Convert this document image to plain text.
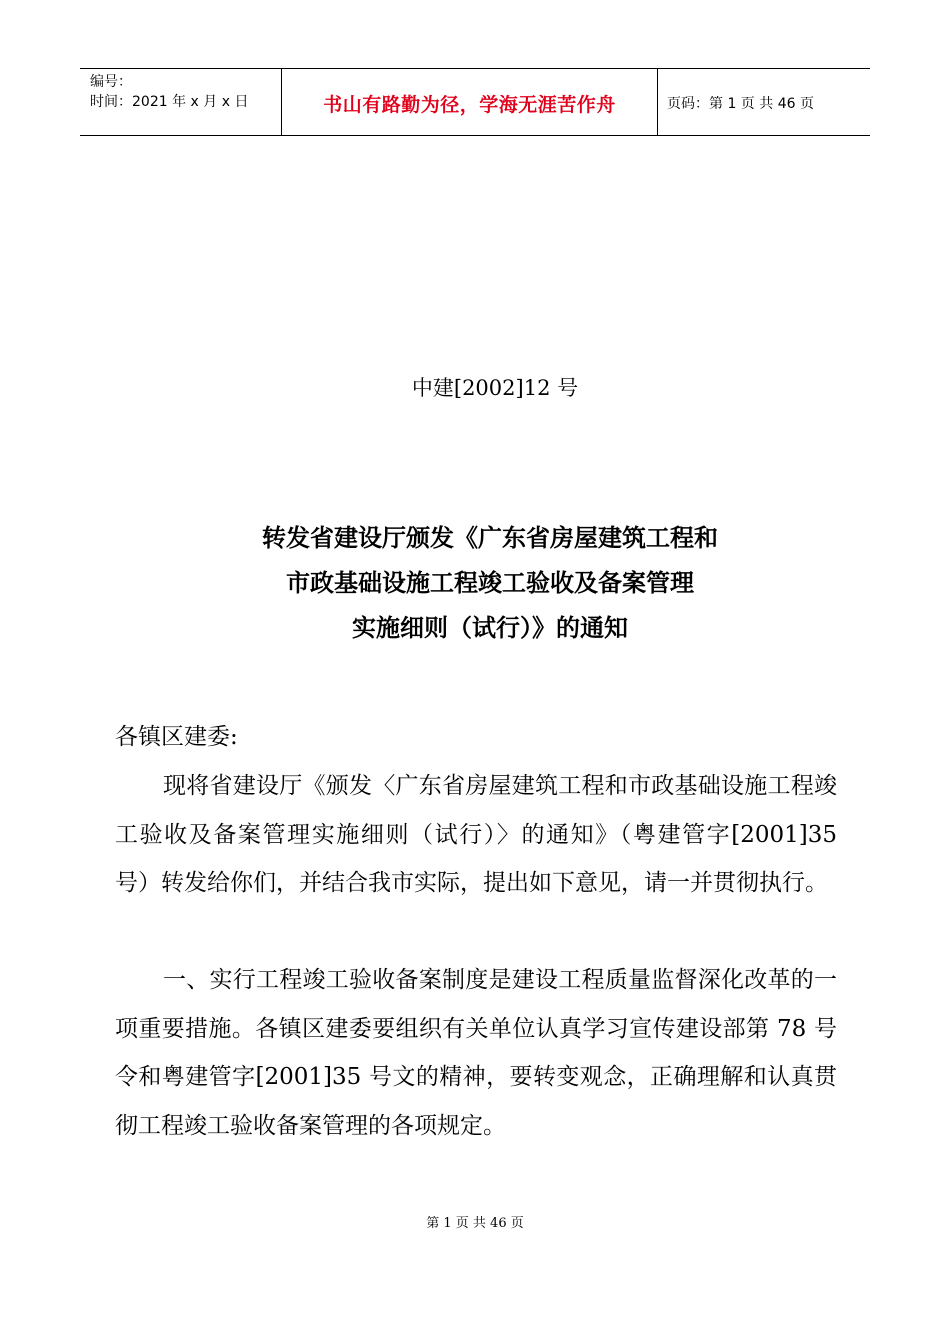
编号：
时间：2021 年 x 月 x 日	书山有路勤为径，学海无涯苦作舟	页码：第 1 页 共 46 页
中建[2002]12 号
转发省建设厅颁发《广东省房屋建筑工程和
市政基础设施工程竣工验收及备案管理
实施细则（试行）》的通知
各镇区建委:

现将省建设厅《颁发〈广东省房屋建筑工程和市政基础设施工程竣工验收及备案管理实施细则（试行）〉的通知》（粤建管字[2001]35 号）转发给你们，并结合我市实际，提出如下意见，请一并贯彻执行。

一、实行工程竣工验收备案制度是建设工程质量监督深化改革的一项重要措施。各镇区建委要组织有关单位认真学习宣传建设部第 78 号令和粤建管字[2001]35 号文的精神，要转变观念，正确理解和认真贯彻工程竣工验收备案管理的各项规定。

第 1 页 共 46 页
